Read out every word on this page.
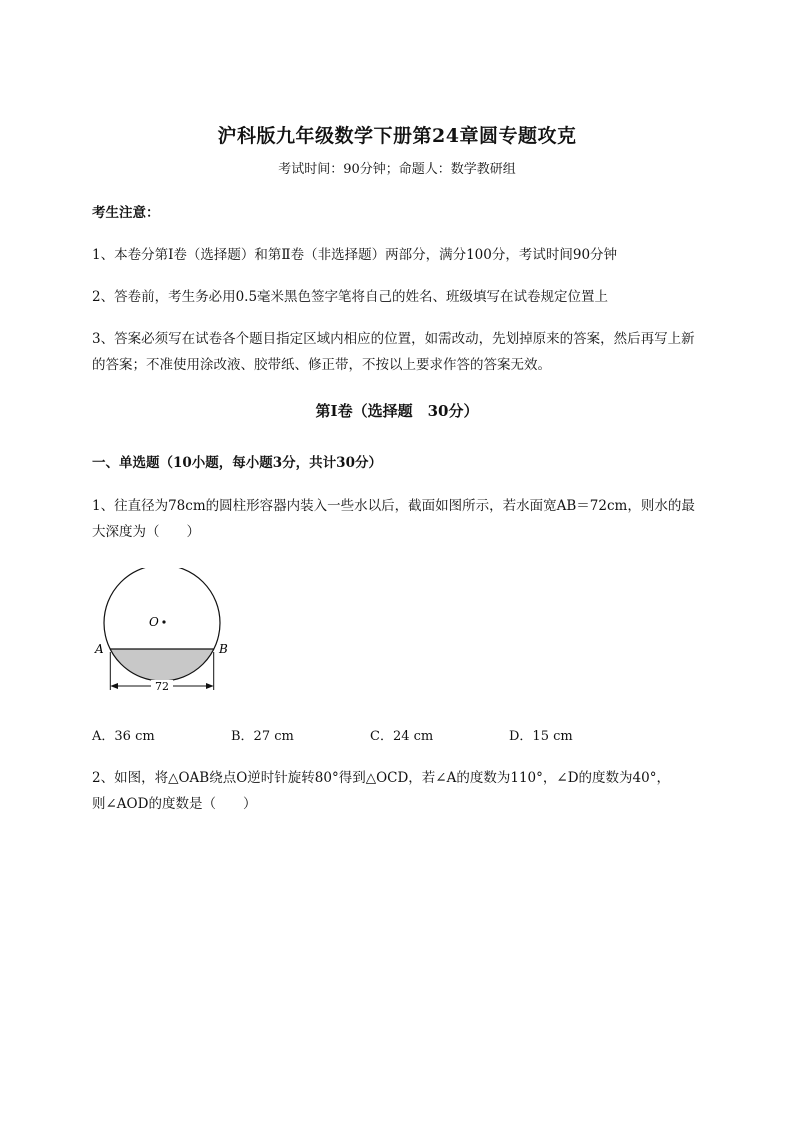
沪科版九年级数学下册第24章圆专题攻克
考试时间：90分钟；命题人：数学教研组
考生注意：
1、本卷分第I卷（选择题）和第Ⅱ卷（非选择题）两部分，满分100分，考试时间90分钟
2、答卷前，考生务必用0.5毫米黑色签字笔将自己的姓名、班级填写在试卷规定位置上
3、答案必须写在试卷各个题目指定区域内相应的位置，如需改动，先划掉原来的答案，然后再写上新
的答案；不准使用涂改液、胶带纸、修正带，不按以上要求作答的答案无效。
第I卷（选择题　30分）
一、单选题（10小题，每小题3分，共计30分）
1、往直径为78cm的圆柱形容器内装入一些水以后，截面如图所示，若水面宽AB＝72cm，则水的最
大深度为（　　）
O
A	B
72
A．36 cm	B．27 cm	C．24 cm	D．15 cm
2、如图，将△OAB绕点O逆时针旋转80°得到△OCD，若∠A的度数为110°，∠D的度数为40°，
则∠AOD的度数是（　　）
